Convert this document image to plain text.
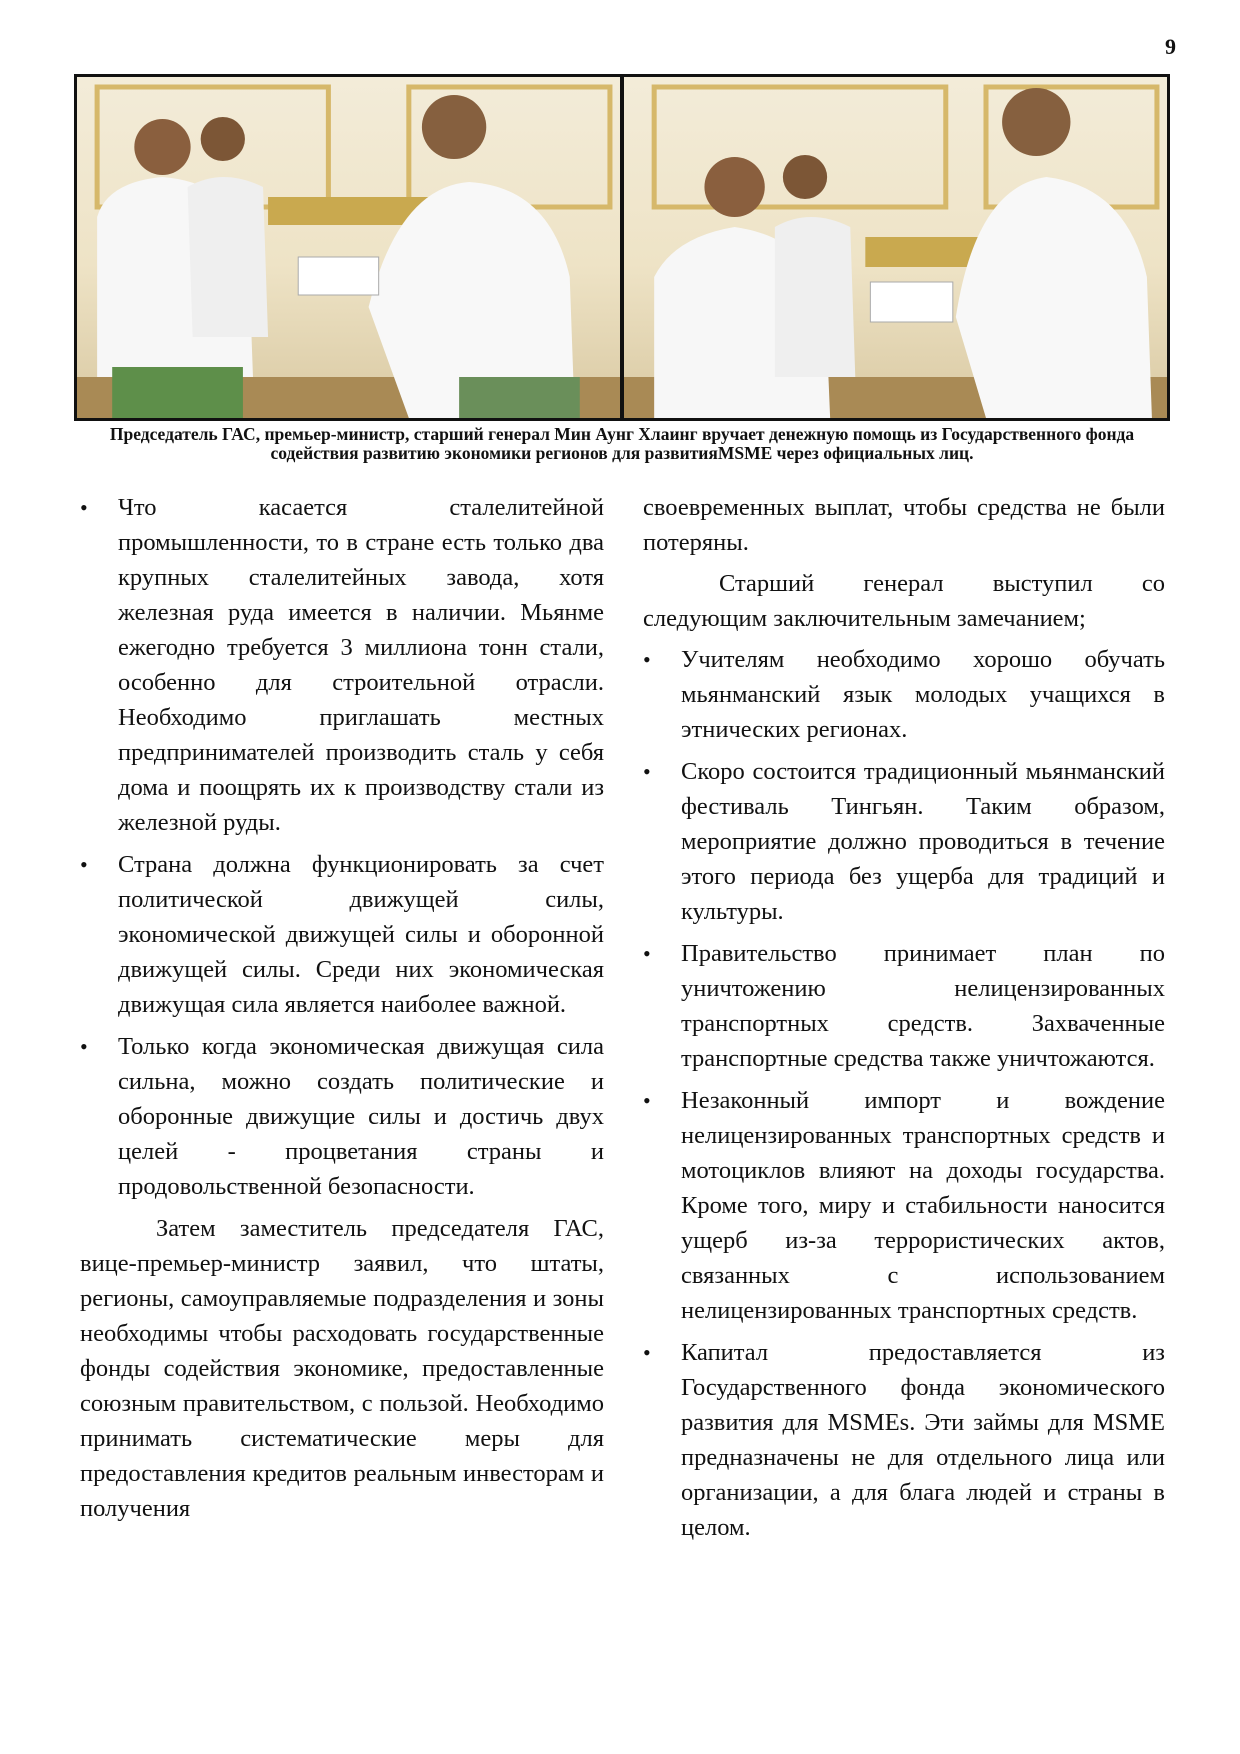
9
Председатель ГАС, премьер-министр, старший генерал Мин Аунг Хлаинг вручает денежную помощь из Государственного фонда содействия развитию экономики регионов для развитияMSME через официальных лиц.
• Что касается сталелитейной промышленности, то в стране есть только два крупных сталелитейных завода, хотя железная руда имеется в наличии. Мьянме ежегодно требуется 3 миллиона тонн стали, особенно для строительной отрасли. Необходимо приглашать местных предпринимателей производить сталь у себя дома и поощрять их к производству стали из железной руды.
• Страна должна функционировать за счет политической движущей силы, экономической движущей силы и оборонной движущей силы. Среди них экономическая движущая сила является наиболее важной.
• Только когда экономическая движущая сила сильна, можно создать политические и оборонные движущие силы и достичь двух целей - процветания страны и продовольственной безопасности.

Затем заместитель председателя ГАС, вице-премьер-министр заявил, что штаты, регионы, самоуправляемые подразделения и зоны необходимы чтобы расходовать государственные фонды содействия экономике, предоставленные союзным правительством, с пользой. Необходимо принимать систематические меры для предоставления кредитов реальным инвесторам и получения

своевременных выплат, чтобы средства не были потеряны.

Старший генерал выступил со следующим заключительным замечанием;

• Учителям необходимо хорошо обучать мьянманский язык молодых учащихся в этнических регионах.
• Скоро состоится традиционный мьянманский фестиваль Тингьян. Таким образом, мероприятие должно проводиться в течение этого периода без ущерба для традиций и культуры.
• Правительство принимает план по уничтожению нелицензированных транспортных средств. Захваченные транспортные средства также уничтожаются.
• Незаконный импорт и вождение нелицензированных транспортных средств и мотоциклов влияют на доходы государства. Кроме того, миру и стабильности наносится ущерб из-за террористических актов, связанных с использованием нелицензированных транспортных средств.
• Капитал предоставляется из Государственного фонда экономического развития для MSMEs. Эти займы для MSME предназначены не для отдельного лица или организации, а для блага людей и страны в целом.
